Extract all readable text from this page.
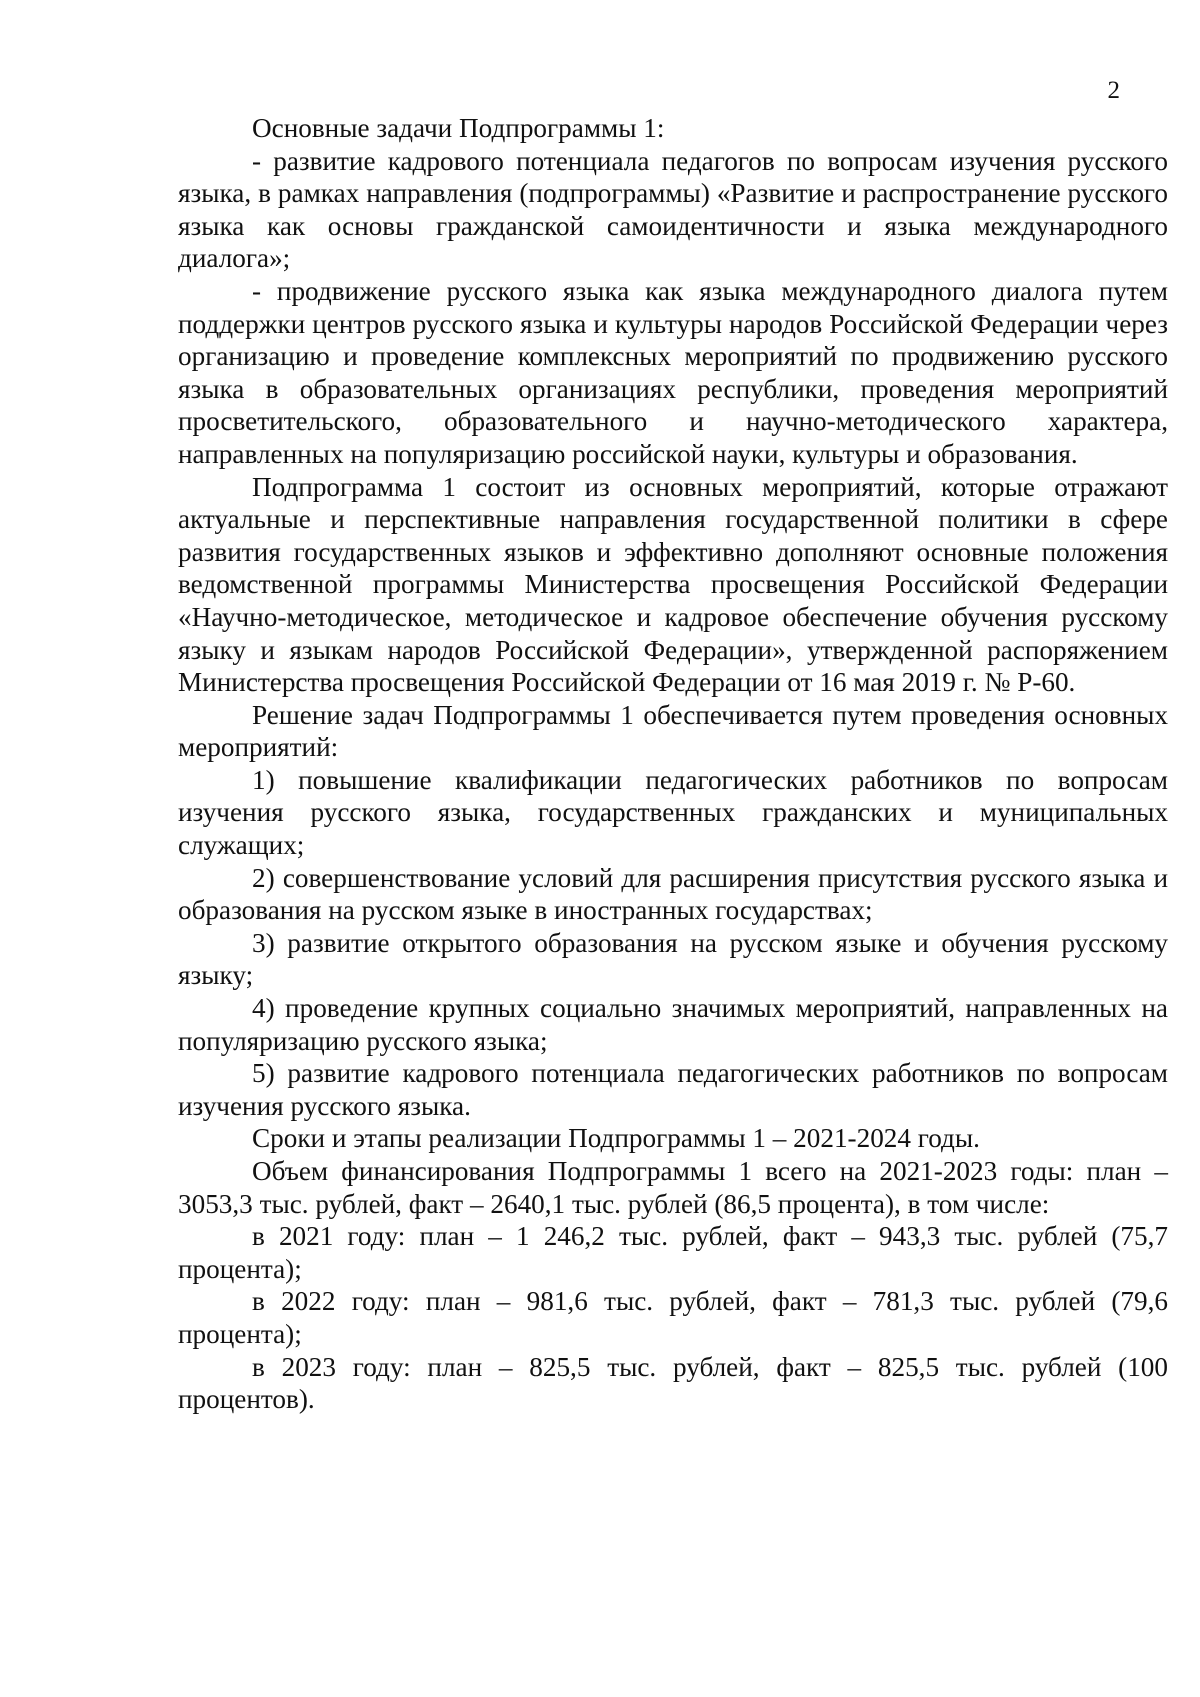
2

Основные задачи Подпрограммы 1:

- развитие кадрового потенциала педагогов по вопросам изучения русского языка, в рамках направления (подпрограммы) «Развитие и распространение русского языка как основы гражданской самоидентичности и языка международного диалога»;

- продвижение русского языка как языка международного диалога путем поддержки центров русского языка и культуры народов Российской Федерации через организацию и проведение комплексных мероприятий по продвижению русского языка в образовательных организациях республики, проведения мероприятий просветительского, образовательного и научно-методического характера, направленных на популяризацию российской науки, культуры и образования.

Подпрограмма 1 состоит из основных мероприятий, которые отражают актуальные и перспективные направления государственной политики в сфере развития государственных языков и эффективно дополняют основные положения ведомственной программы Министерства просвещения Российской Федерации «Научно-методическое, методическое и кадровое обеспечение обучения русскому языку и языкам народов Российской Федерации», утвержденной распоряжением Министерства просвещения Российской Федерации от 16 мая 2019 г. № Р-60.

Решение задач Подпрограммы 1 обеспечивается путем проведения основных мероприятий:

1) повышение квалификации педагогических работников по вопросам изучения русского языка, государственных гражданских и муниципальных служащих;

2) совершенствование условий для расширения присутствия русского языка и образования на русском языке в иностранных государствах;

3) развитие открытого образования на русском языке и обучения русскому языку;

4) проведение крупных социально значимых мероприятий, направленных на популяризацию русского языка;

5) развитие кадрового потенциала педагогических работников по вопросам изучения русского языка.

Сроки и этапы реализации Подпрограммы 1 – 2021-2024 годы.

Объем финансирования Подпрограммы 1 всего на 2021-2023 годы: план – 3053,3 тыс. рублей, факт – 2640,1 тыс. рублей (86,5 процента), в том числе:

в 2021 году: план – 1 246,2 тыс. рублей, факт – 943,3 тыс. рублей (75,7 процента);

в 2022 году: план – 981,6 тыс. рублей, факт – 781,3 тыс. рублей (79,6 процента);

в 2023 году: план – 825,5 тыс. рублей, факт – 825,5 тыс. рублей (100 процентов).
